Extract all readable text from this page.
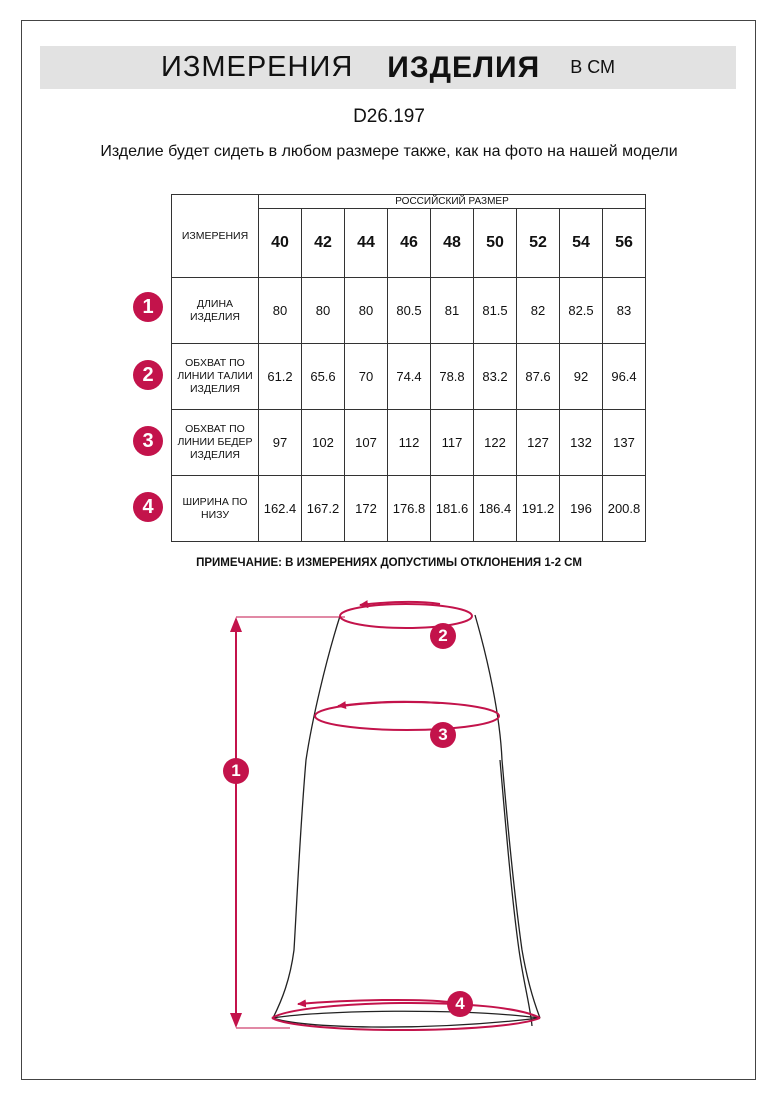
ИЗМЕРЕНИЯ ИЗДЕЛИЯ В СМ
D26.197
Изделие будет сидеть в любом размере также, как на фото на нашей модели
ИЗМЕРЕНИЯ	РОССИЙСКИЙ РАЗМЕР								
	40	42	44	46	48	50	52	54	56
ДЛИНА ИЗДЕЛИЯ	80	80	80	80.5	81	81.5	82	82.5	83
ОБХВАТ ПО ЛИНИИ ТАЛИИ ИЗДЕЛИЯ	61.2	65.6	70	74.4	78.8	83.2	87.6	92	96.4
ОБХВАТ ПО ЛИНИИ БЕДЕР ИЗДЕЛИЯ	97	102	107	112	117	122	127	132	137
ШИРИНА ПО НИЗУ	162.4	167.2	172	176.8	181.6	186.4	191.2	196	200.8
1
2
3
4
ПРИМЕЧАНИЕ: В ИЗМЕРЕНИЯХ ДОПУСТИМЫ ОТКЛОНЕНИЯ 1-2 СМ
1
2
3
4
